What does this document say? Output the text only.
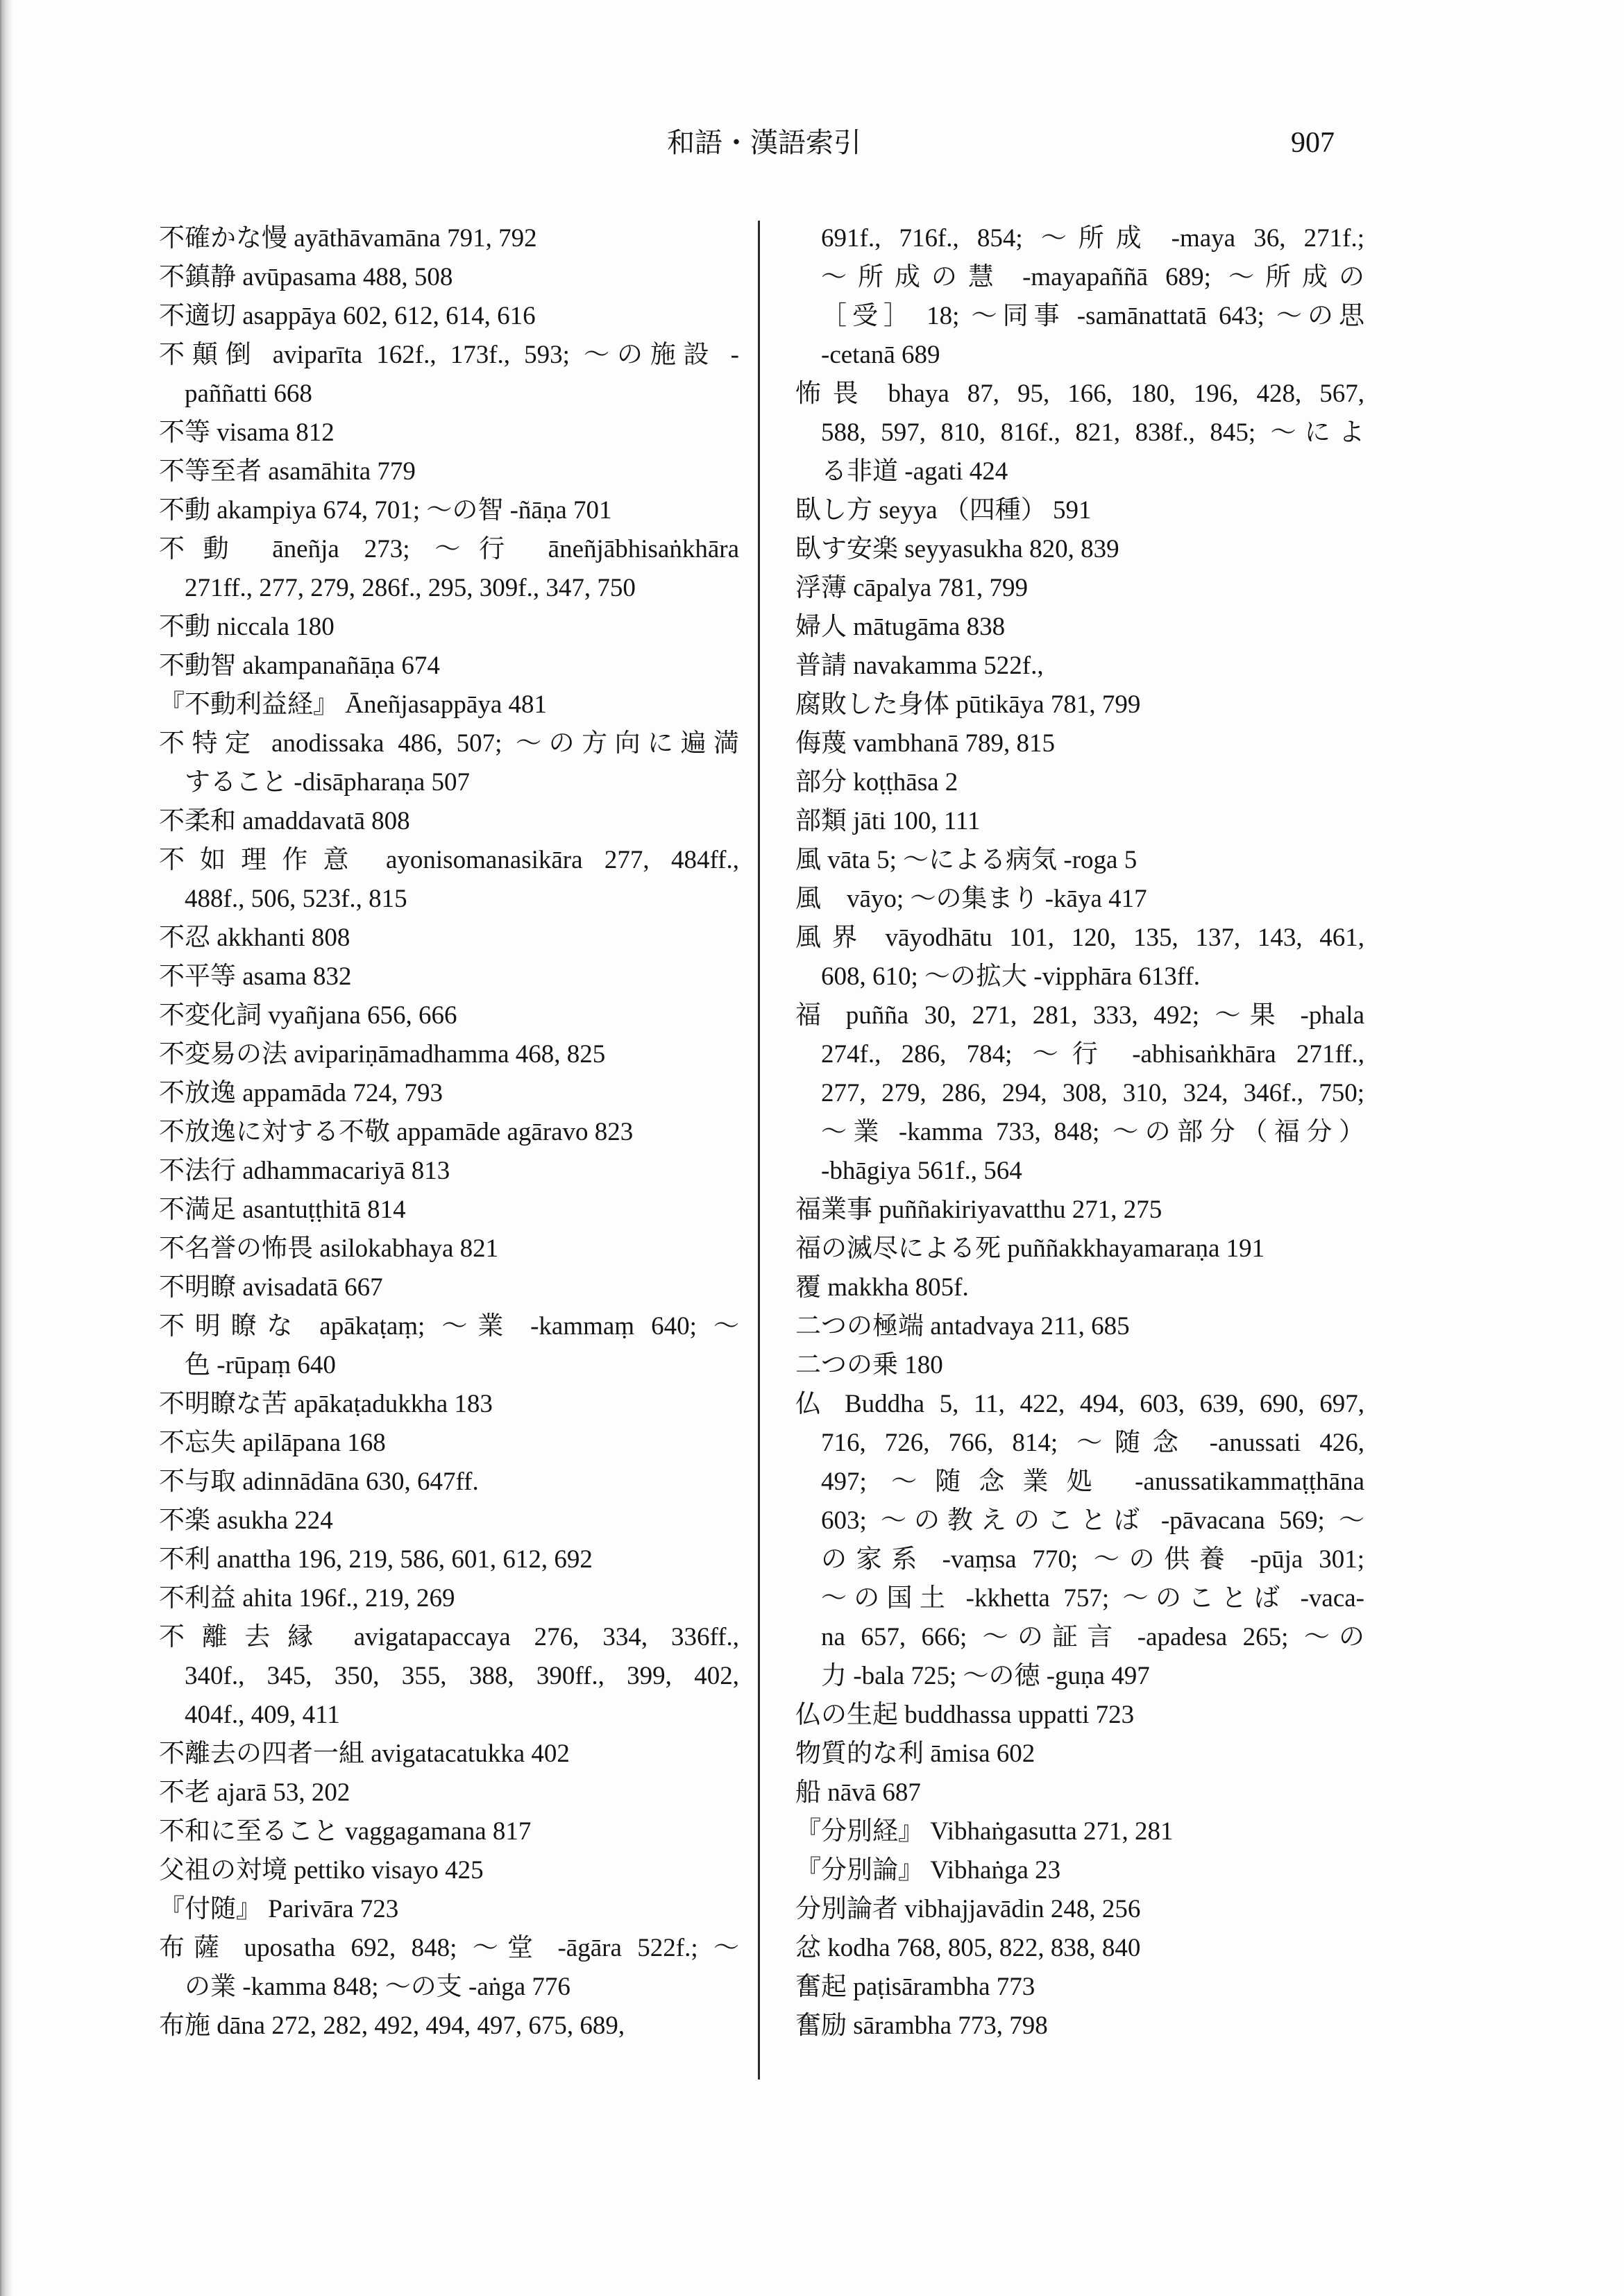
和語・漢語索引	907
不確かな慢 ayāthāvamāna 791, 792
不鎮静 avūpasama 488, 508
不適切 asappāya 602, 612, 614, 616
不顛倒 aviparīta 162f., 173f., 593; ～の施設 -
paññatti 668
不等 visama 812
不等至者 asamāhita 779
不動 akampiya 674, 701; ～の智 -ñāṇa 701
不動 āneñja 273; ～行 āneñjābhisaṅkhāra
271ff., 277, 279, 286f., 295, 309f., 347, 750
不動 niccala 180
不動智 akampanañāṇa 674
『不動利益経』 Āneñjasappāya 481
不特定 anodissaka 486, 507; ～の方向に遍満
すること -disāpharaṇa 507
不柔和 amaddavatā 808
不如理作意 ayonisomanasikāra 277, 484ff.,
488f., 506, 523f., 815
不忍 akkhanti 808
不平等 asama 832
不変化詞 vyañjana 656, 666
不変易の法 avipariṇāmadhamma 468, 825
不放逸 appamāda 724, 793
不放逸に対する不敬 appamāde agāravo 823
不法行 adhammacariyā 813
不満足 asantuṭṭhitā 814
不名誉の怖畏 asilokabhaya 821
不明瞭 avisadatā 667
不明瞭な apākaṭaṃ; ～業 -kammaṃ 640; ～
色 -rūpaṃ 640
不明瞭な苦 apākaṭadukkha 183
不忘失 apilāpana 168
不与取 adinnādāna 630, 647ff.
不楽 asukha 224
不利 anattha 196, 219, 586, 601, 612, 692
不利益 ahita 196f., 219, 269
不離去縁 avigatapaccaya 276, 334, 336ff.,
340f., 345, 350, 355, 388, 390ff., 399, 402,
404f., 409, 411
不離去の四者一組 avigatacatukka 402
不老 ajarā 53, 202
不和に至ること vaggagamana 817
父祖の対境 pettiko visayo 425
『付随』 Parivāra 723
布薩 uposatha 692, 848; ～堂 -āgāra 522f.; ～
の業 -kamma 848; ～の支 -aṅga 776
布施 dāna 272, 282, 492, 494, 497, 675, 689,
691f., 716f., 854; ～所成 -maya 36, 271f.;
～所成の慧 -mayapaññā 689; ～所成の
［受］ 18; ～同事 -samānattatā 643; ～の思
-cetanā 689
怖畏 bhaya 87, 95, 166, 180, 196, 428, 567,
588, 597, 810, 816f., 821, 838f., 845; ～によ
る非道 -agati 424
臥し方 seyya （四種） 591
臥す安楽 seyyasukha 820, 839
浮薄 cāpalya 781, 799
婦人 mātugāma 838
普請 navakamma 522f.,
腐敗した身体 pūtikāya 781, 799
侮蔑 vambhanā 789, 815
部分 koṭṭhāsa 2
部類 jāti 100, 111
風 vāta 5; ～による病気 -roga 5
風　vāyo; ～の集まり -kāya 417
風界 vāyodhātu 101, 120, 135, 137, 143, 461,
608, 610; ～の拡大 -vipphāra 613ff.
福 puñña 30, 271, 281, 333, 492; ～果 -phala
274f., 286, 784; ～行 -abhisaṅkhāra 271ff.,
277, 279, 286, 294, 308, 310, 324, 346f., 750;
～業 -kamma 733, 848; ～の部分（福分）
-bhāgiya 561f., 564
福業事 puññakiriyavatthu 271, 275
福の滅尽による死 puññakkhayamaraṇa 191
覆 makkha 805f.
二つの極端 antadvaya 211, 685
二つの乗 180
仏 Buddha 5, 11, 422, 494, 603, 639, 690, 697,
716, 726, 766, 814; ～随念 -anussati 426,
497; ～随念業処 -anussatikammaṭṭhāna
603; ～の教えのことば -pāvacana 569; ～
の家系 -vaṃsa 770; ～の供養 -pūja 301;
～の国土 -kkhetta 757; ～のことば -vaca-
na 657, 666; ～の証言 -apadesa 265; ～の
力 -bala 725; ～の徳 -guṇa 497
仏の生起 buddhassa uppatti 723
物質的な利 āmisa 602
船 nāvā 687
『分別経』 Vibhaṅgasutta 271, 281
『分別論』 Vibhaṅga 23
分別論者 vibhajjavādin 248, 256
忿 kodha 768, 805, 822, 838, 840
奮起 paṭisārambha 773
奮励 sārambha 773, 798
